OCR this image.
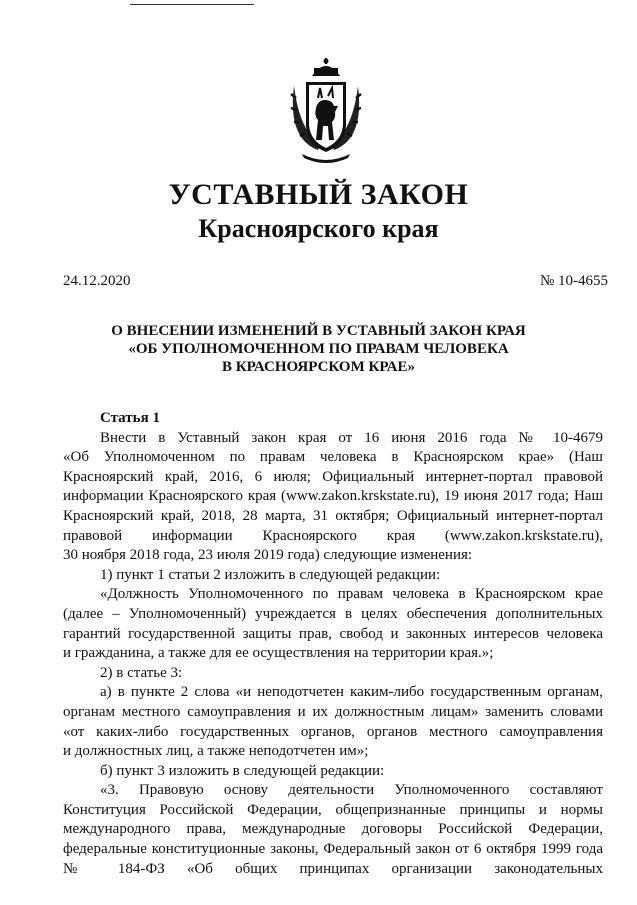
УСТАВНЫЙ ЗАКОН
Красноярского края
24.12.2020	№ 10-4655
О ВНЕСЕНИИ ИЗМЕНЕНИЙ В УСТАВНЫЙ ЗАКОН КРАЯ
«ОБ УПОЛНОМОЧЕННОМ ПО ПРАВАМ ЧЕЛОВЕКА
В КРАСНОЯРСКОМ КРАЕ»
Статья 1
Внести в Уставный закон края от 16 июня 2016 года № 10-4679
«Об Уполномоченном по правам человека в Красноярском крае» (Наш
Красноярский край, 2016, 6 июля; Официальный интернет-портал правовой
информации Красноярского края (www.zakon.krskstate.ru), 19 июня 2017 года; Наш
Красноярский край, 2018, 28 марта, 31 октября; Официальный интернет-портал
правовой информации Красноярского края (www.zakon.krskstate.ru),
30 ноября 2018 года, 23 июля 2019 года) следующие изменения:
1) пункт 1 статьи 2 изложить в следующей редакции:
«Должность Уполномоченного по правам человека в Красноярском крае
(далее – Уполномоченный) учреждается в целях обеспечения дополнительных
гарантий государственной защиты прав, свобод и законных интересов человека
и гражданина, а также для ее осуществления на территории края.»;
2) в статье 3:
а) в пункте 2 слова «и неподотчетен каким-либо государственным органам,
органам местного самоуправления и их должностным лицам» заменить словами
«от каких-либо государственных органов, органов местного самоуправления
и должностных лиц, а также неподотчетен им»;
б) пункт 3 изложить в следующей редакции:
«3. Правовую основу деятельности Уполномоченного составляют
Конституция Российской Федерации, общепризнанные принципы и нормы
международного права, международные договоры Российской Федерации,
федеральные конституционные законы, Федеральный закон от 6 октября 1999 года
№ 184-ФЗ «Об общих принципах организации законодательных
